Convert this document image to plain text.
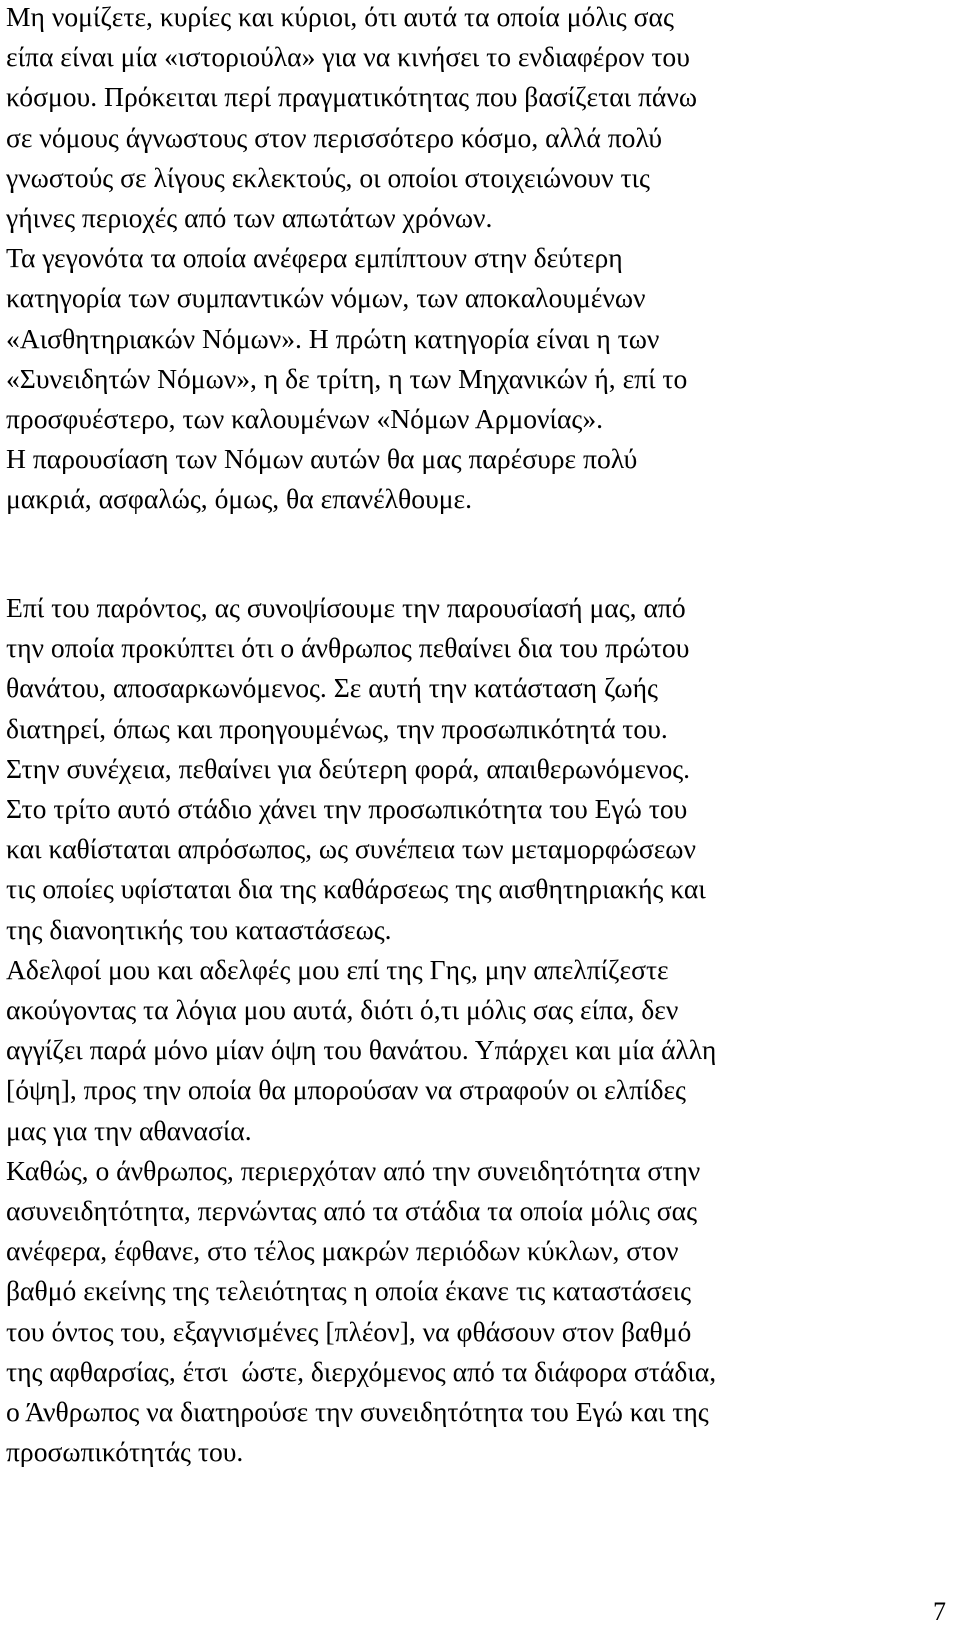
Μη νομίζετε, κυρίες και κύριοι, ότι αυτά τα οποία μόλις σας
είπα είναι μία «ιστοριούλα» για να κινήσει το ενδιαφέρον του
κόσμου. Πρόκειται περί πραγματικότητας που βασίζεται πάνω
σε νόμους άγνωστους στον περισσότερο κόσμο, αλλά πολύ
γνωστούς σε λίγους εκλεκτούς, οι οποίοι στοιχειώνουν τις
γήινες περιοχές από των απωτάτων χρόνων.
Τα γεγονότα τα οποία ανέφερα εμπίπτουν στην δεύτερη
κατηγορία των συμπαντικών νόμων, των αποκαλουμένων
«Αισθητηριακών Νόμων». Η πρώτη κατηγορία είναι η των
«Συνειδητών Νόμων», η δε τρίτη, η των Μηχανικών ή, επί το
προσφυέστερο, των καλουμένων «Νόμων Αρμονίας».
Η παρουσίαση των Νόμων αυτών θα μας παρέσυρε πολύ
μακριά, ασφαλώς, όμως, θα επανέλθουμε.
Επί του παρόντος, ας συνοψίσουμε την παρουσίασή μας, από
την οποία προκύπτει ότι ο άνθρωπος πεθαίνει δια του πρώτου
θανάτου, αποσαρκωνόμενος. Σε αυτή την κατάσταση ζωής
διατηρεί, όπως και προηγουμένως, την προσωπικότητά του.
Στην συνέχεια, πεθαίνει για δεύτερη φορά, απαιθερωνόμενος.
Στο τρίτο αυτό στάδιο χάνει την προσωπικότητα του Εγώ του
και καθίσταται απρόσωπος, ως συνέπεια των μεταμορφώσεων
τις οποίες υφίσταται δια της καθάρσεως της αισθητηριακής και
της διανοητικής του καταστάσεως.
Αδελφοί μου και αδελφές μου επί της Γης, μην απελπίζεστε
ακούγοντας τα λόγια μου αυτά, διότι ό,τι μόλις σας είπα, δεν
αγγίζει παρά μόνο μίαν όψη του θανάτου. Υπάρχει και μία άλλη
[όψη], προς την οποία θα μπορούσαν να στραφούν οι ελπίδες
μας για την αθανασία.
Καθώς, ο άνθρωπος, περιερχόταν από την συνειδητότητα στην
ασυνειδητότητα, περνώντας από τα στάδια τα οποία μόλις σας
ανέφερα, έφθανε, στο τέλος μακρών περιόδων κύκλων, στον
βαθμό εκείνης της τελειότητας η οποία έκανε τις καταστάσεις
του όντος του, εξαγνισμένες [πλέον], να φθάσουν στον βαθμό
της αφθαρσίας, έτσι  ώστε, διερχόμενος από τα διάφορα στάδια,
ο Άνθρωπος να διατηρούσε την συνειδητότητα του Εγώ και της
προσωπικότητάς του.
7
